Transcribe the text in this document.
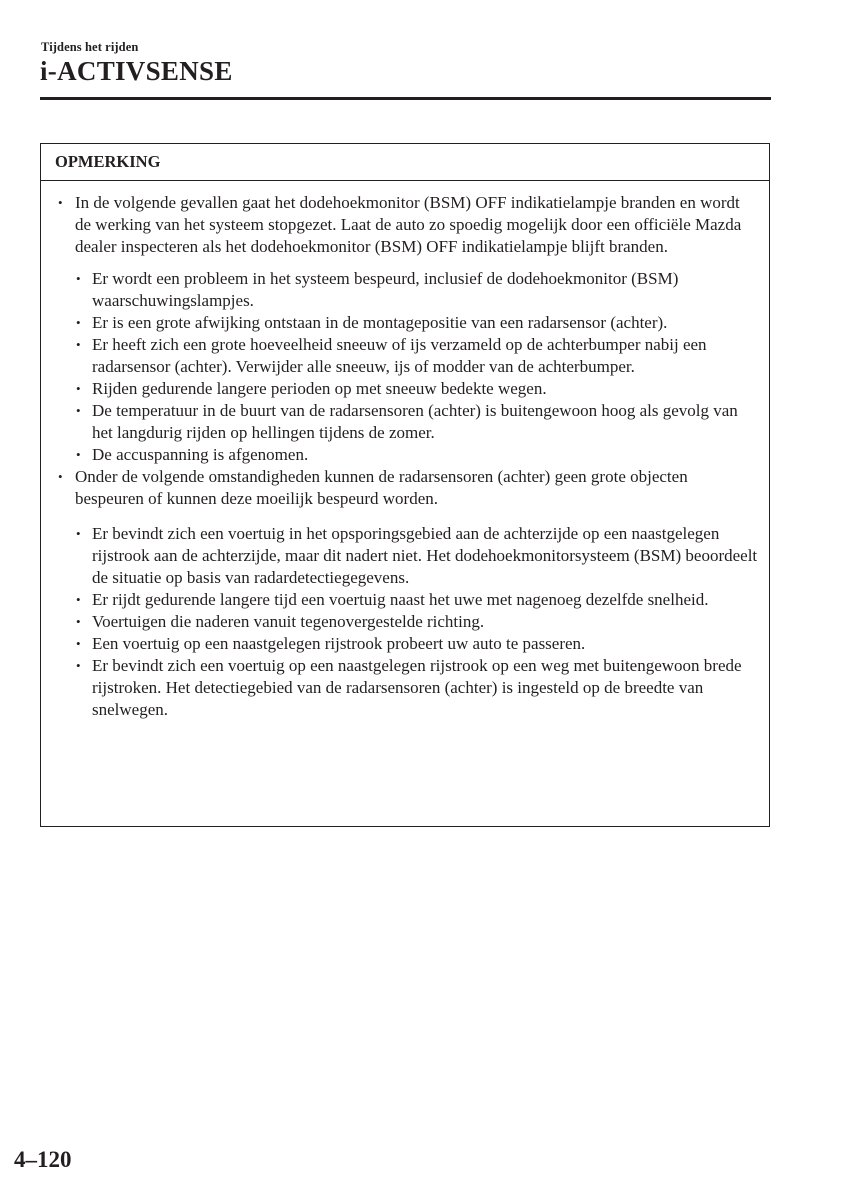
Tijdens het rijden
i-ACTIVSENSE
OPMERKING
• In de volgende gevallen gaat het dodehoekmonitor (BSM) OFF indikatielampje branden en wordt de werking van het systeem stopgezet. Laat de auto zo spoedig mogelijk door een officiële Mazda dealer inspecteren als het dodehoekmonitor (BSM) OFF indikatielampje blijft branden.
• Er wordt een probleem in het systeem bespeurd, inclusief de dodehoekmonitor (BSM) waarschuwingslampjes.
• Er is een grote afwijking ontstaan in de montagepositie van een radarsensor (achter).
• Er heeft zich een grote hoeveelheid sneeuw of ijs verzameld op de achterbumper nabij een radarsensor (achter). Verwijder alle sneeuw, ijs of modder van de achterbumper.
• Rijden gedurende langere perioden op met sneeuw bedekte wegen.
• De temperatuur in de buurt van de radarsensoren (achter) is buitengewoon hoog als gevolg van het langdurig rijden op hellingen tijdens de zomer.
• De accuspanning is afgenomen.
• Onder de volgende omstandigheden kunnen de radarsensoren (achter) geen grote objecten bespeuren of kunnen deze moeilijk bespeurd worden.
• Er bevindt zich een voertuig in het opsporingsgebied aan de achterzijde op een naastgelegen rijstrook aan de achterzijde, maar dit nadert niet. Het dodehoekmonitorsysteem (BSM) beoordeelt de situatie op basis van radardetectiegegevens.
• Er rijdt gedurende langere tijd een voertuig naast het uwe met nagenoeg dezelfde snelheid.
• Voertuigen die naderen vanuit tegenovergestelde richting.
• Een voertuig op een naastgelegen rijstrook probeert uw auto te passeren.
• Er bevindt zich een voertuig op een naastgelegen rijstrook op een weg met buitengewoon brede rijstroken. Het detectiegebied van de radarsensoren (achter) is ingesteld op de breedte van snelwegen.
4–120
